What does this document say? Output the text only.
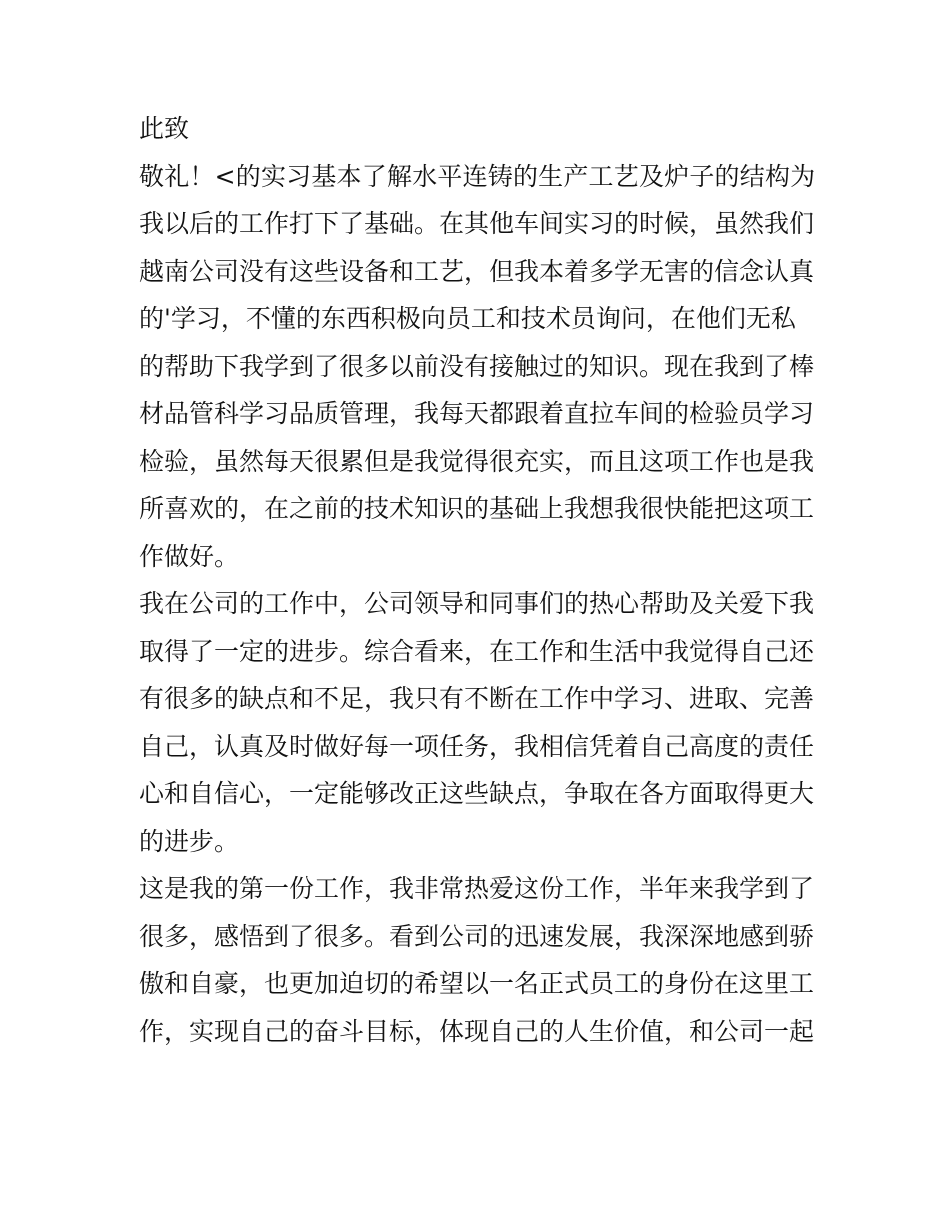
此致
敬礼！<的实习基本了解水平连铸的生产工艺及炉子的结构为
我以后的工作打下了基础。在其他车间实习的时候，虽然我们
越南公司没有这些设备和工艺，但我本着多学无害的信念认真
的'学习，不懂的东西积极向员工和技术员询问，在他们无私
的帮助下我学到了很多以前没有接触过的知识。现在我到了棒
材品管科学习品质管理，我每天都跟着直拉车间的检验员学习
检验，虽然每天很累但是我觉得很充实，而且这项工作也是我
所喜欢的，在之前的技术知识的基础上我想我很快能把这项工
作做好。
我在公司的工作中，公司领导和同事们的热心帮助及关爱下我
取得了一定的进步。综合看来，在工作和生活中我觉得自己还
有很多的缺点和不足，我只有不断在工作中学习、进取、完善
自己，认真及时做好每一项任务，我相信凭着自己高度的责任
心和自信心，一定能够改正这些缺点，争取在各方面取得更大
的进步。
这是我的第一份工作，我非常热爱这份工作，半年来我学到了
很多，感悟到了很多。看到公司的迅速发展，我深深地感到骄
傲和自豪，也更加迫切的希望以一名正式员工的身份在这里工
作，实现自己的奋斗目标，体现自己的人生价值，和公司一起
